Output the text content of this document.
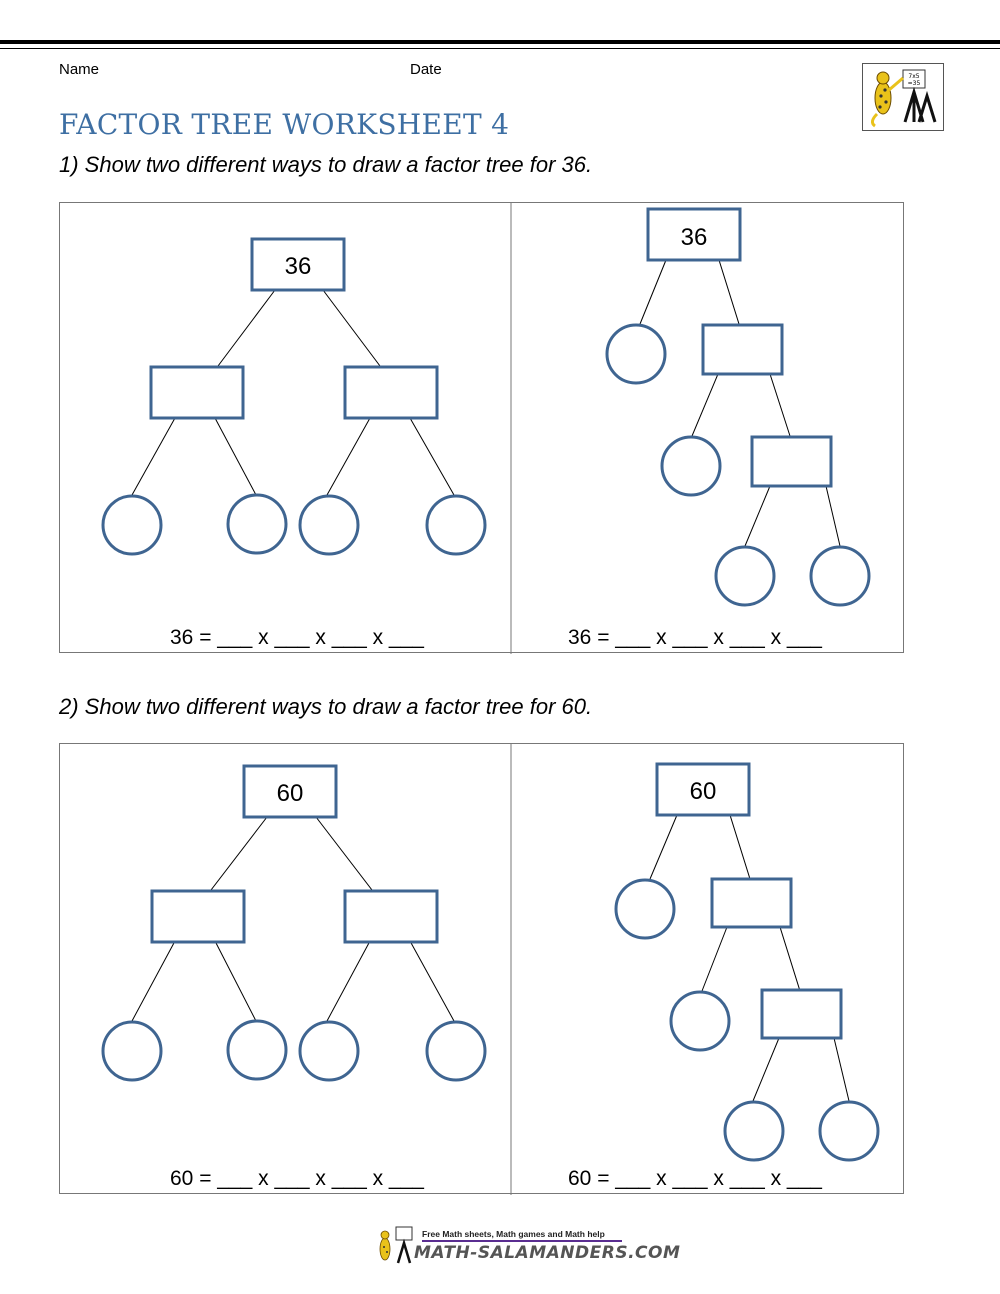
Name	Date	7x5
=35
FACTOR TREE WORKSHEET 4
1) Show two different ways to draw a factor tree for 36.
36
36
36 = ___ x ___ x ___ x ___	36 = ___ x ___ x ___ x ___
2) Show two different ways to draw a factor tree for 60.
60	60
60 = ___ x ___ x ___ x ___	60 = ___ x ___ x ___ x ___
Free Math sheets, Math games and Math help
MATH-SALAMANDERS.COM
